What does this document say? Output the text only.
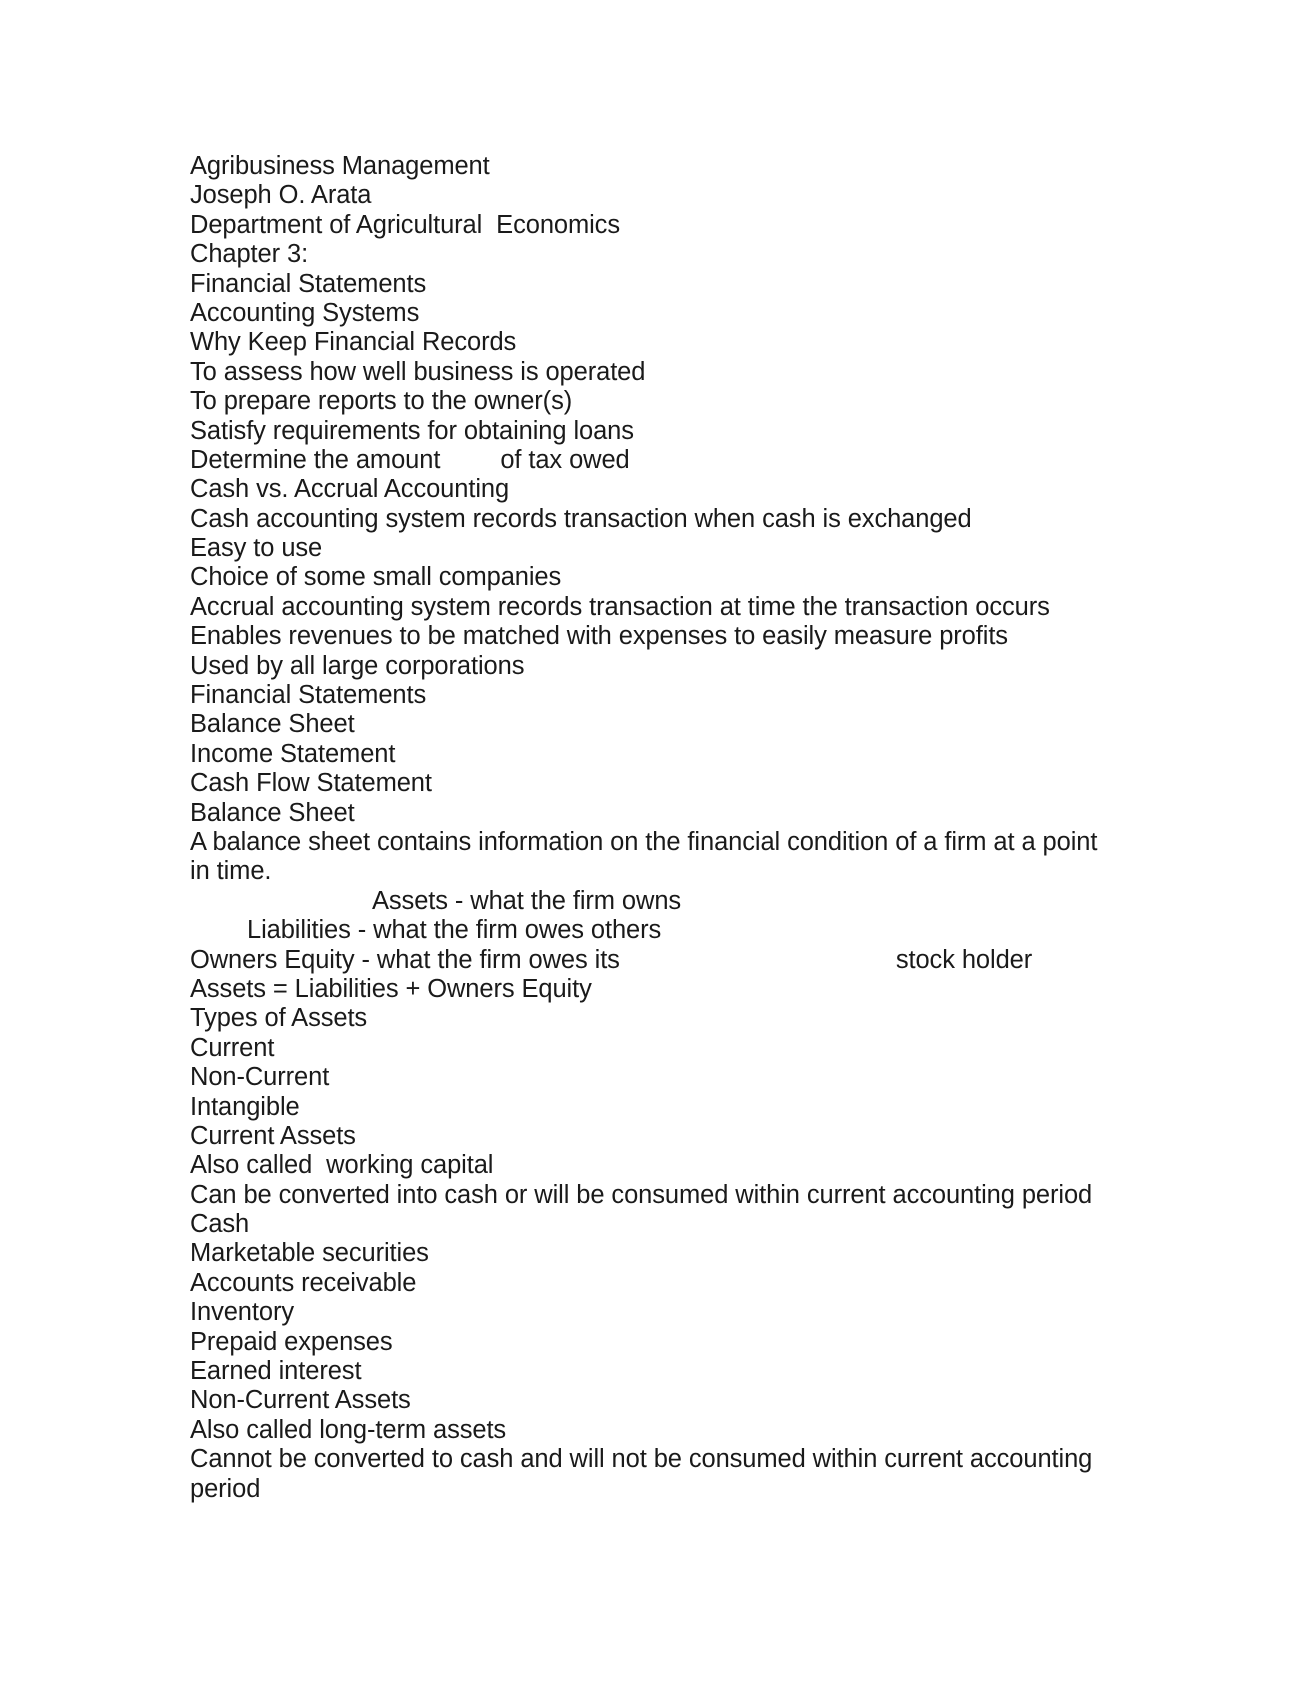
Agribusiness Management
Joseph O. Arata
Department of Agricultural  Economics
Chapter 3:
Financial Statements
Accounting Systems
Why Keep Financial Records
To assess how well business is operated
To prepare reports to the owner(s)
Satisfy requirements for obtaining loans
Determine the amount of tax owed
Cash vs. Accrual Accounting
Cash accounting system records transaction when cash is exchanged
Easy to use
Choice of some small companies
Accrual accounting system records transaction at time the transaction occurs
Enables revenues to be matched with expenses to easily measure profits
Used by all large corporations
Financial Statements
Balance Sheet
Income Statement
Cash Flow Statement
Balance Sheet
A balance sheet contains information on the financial condition of a firm at a point
in time.
Assets - what the firm owns
Liabilities - what the firm owes others
Owners Equity - what the firm owes its	stock holder
Assets = Liabilities + Owners Equity
Types of Assets
Current
Non-Current
Intangible
Current Assets
Also called  working capital
Can be converted into cash or will be consumed within current accounting period
Cash
Marketable securities
Accounts receivable
Inventory
Prepaid expenses
Earned interest
Non-Current Assets
Also called long-term assets
Cannot be converted to cash and will not be consumed within current accounting
period
